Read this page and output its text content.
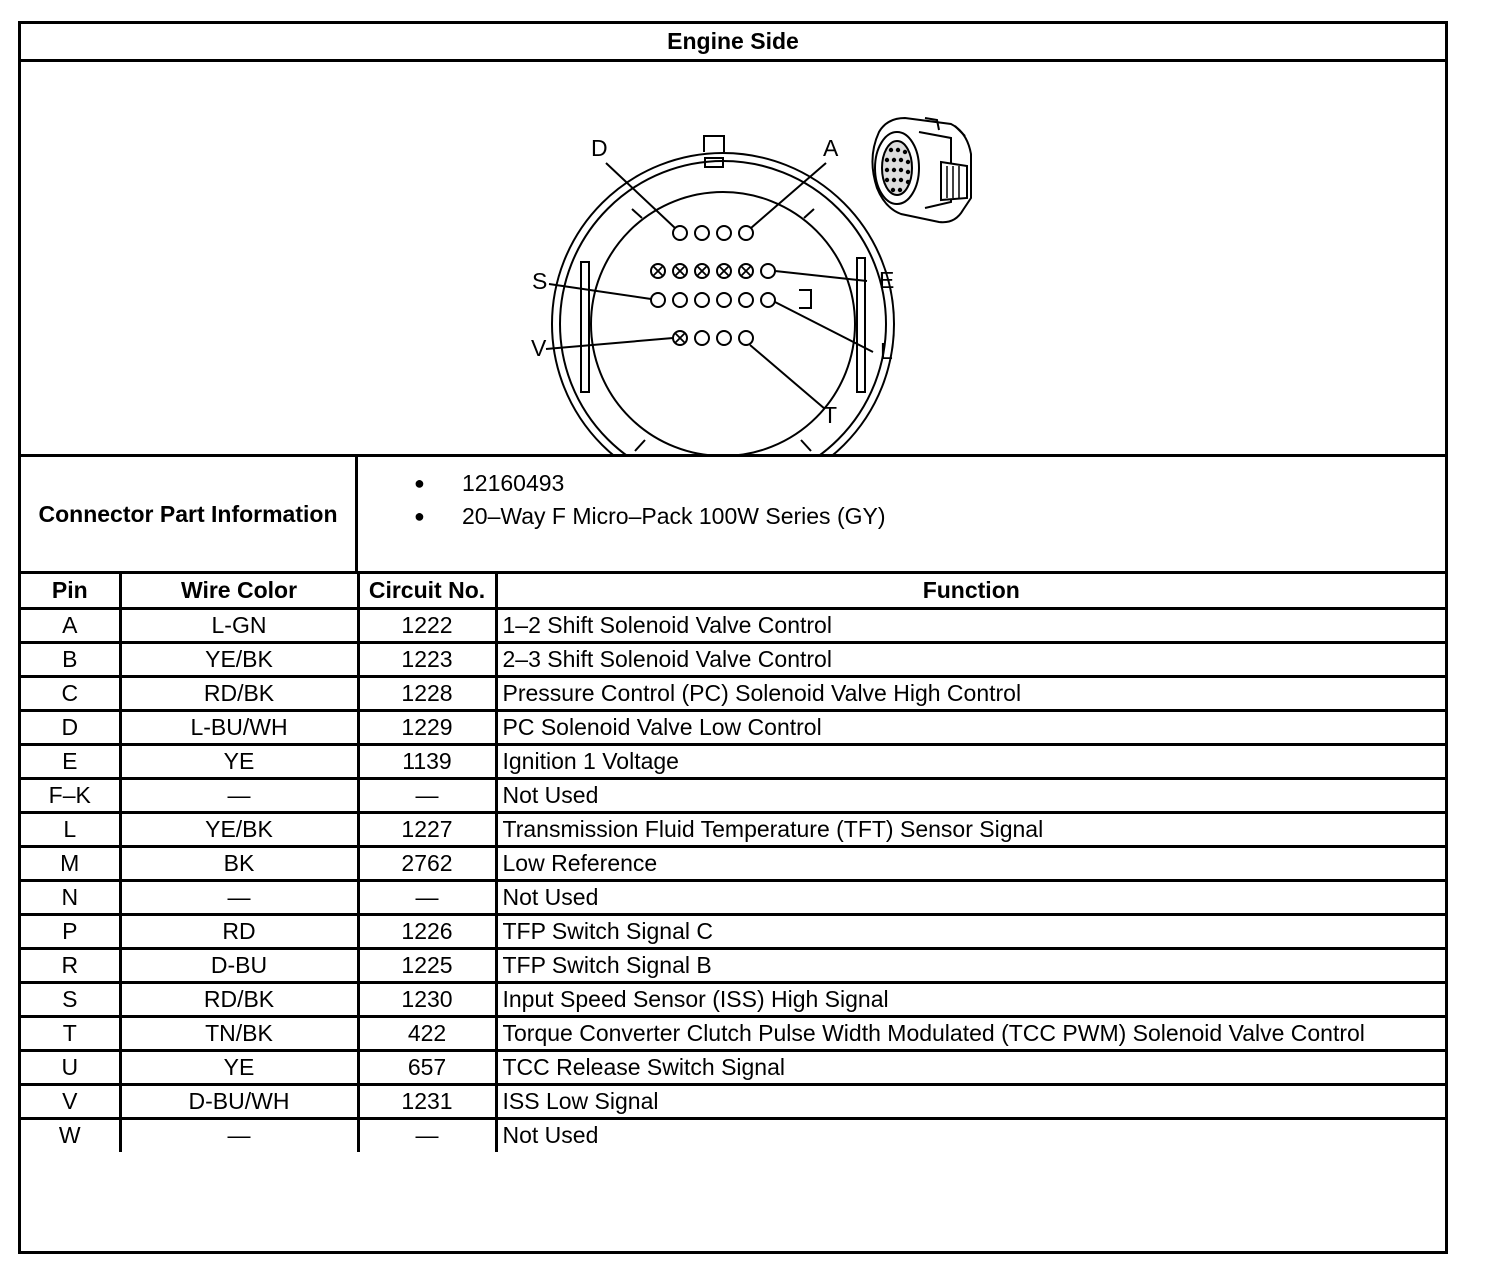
Engine Side
D	A
E
S
L
V
T
Connector Part Information
● 12160493
● 20–Way F Micro–Pack 100W Series (GY)
Pin	Wire Color	Circuit No.	Function
A	L-GN	1222	1–2 Shift Solenoid Valve Control
B	YE/BK	1223	2–3 Shift Solenoid Valve Control
C	RD/BK	1228	Pressure Control (PC) Solenoid Valve High Control
D	L-BU/WH	1229	PC Solenoid Valve Low Control
E	YE	1139	Ignition 1 Voltage
F–K	—	—	Not Used
L	YE/BK	1227	Transmission Fluid Temperature (TFT) Sensor Signal
M	BK	2762	Low Reference
N	—	—	Not Used
P	RD	1226	TFP Switch Signal C
R	D-BU	1225	TFP Switch Signal B
S	RD/BK	1230	Input Speed Sensor (ISS) High Signal
T	TN/BK	422	Torque Converter Clutch Pulse Width Modulated (TCC PWM) Solenoid Valve Control
U	YE	657	TCC Release Switch Signal
V	D-BU/WH	1231	ISS Low Signal
W	—	—	Not Used
